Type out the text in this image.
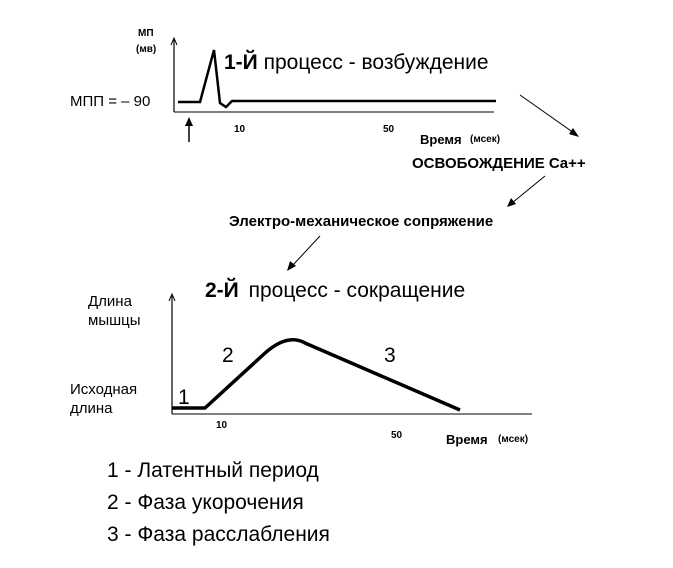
МП
(мв)
МПП = – 90
10	50
Время (мсек)
1-Й процесс - возбуждение
ОСВОБОЖДЕНИЕ Ca++
Электро-механическое сопряжение
2-Й процесс - сокращение
Длина
мышцы
Исходная
длина	1
2	3
10
50	Время (мсек)
1 - Латентный период
2 - Фаза укорочения
3 - Фаза расслабления
